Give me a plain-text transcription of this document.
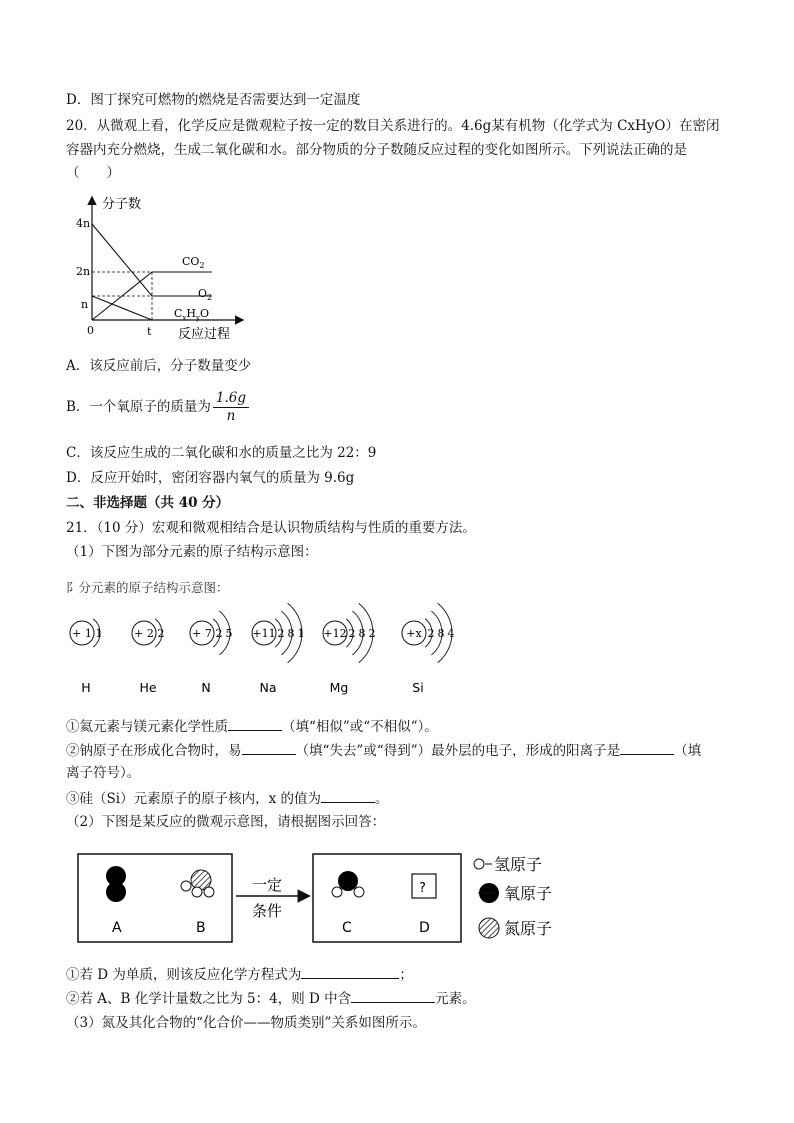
D．图丁探究可燃物的燃烧是否需要达到一定温度
20．从微观上看，化学反应是微观粒子按一定的数目关系进行的。4.6g某有机物（化学式为 CxHyO）在密闭
容器内充分燃烧，生成二氧化碳和水。部分物质的分子数随反应过程的变化如图所示。下列说法正确的是
（　　）
分子数
反应过程
4n
2n
n
0	t
$CO_2$
$O_2$
$C_xH_yO$
A．该反应前后，分子数量变少
B．一个氧原子的质量为 $\frac{1.6g}{n}$
C．该反应生成的二氧化碳和水的质量之比为 22：9
D．反应开始时，密闭容器内氧气的质量为 9.6g
二、非选择题（共 40 分）
21．（10 分）宏观和微观相结合是认识物质结构与性质的重要方法。
（1）下图为部分元素的原子结构示意图：
阝分元素的原子结构示意图：
+ 1 1
H
+ 2 2
He
+ 7 2 5
N
+11 2 8 1
Na
+12 2 8 2
Mg
+x 2 8 4
Si
①氦元素与镁元素化学性质	（填“相似”或“不相似”）。
②钠原子在形成化合物时，易	（填“失去”或“得到”）最外层的电子，形成的阳离子是	（填
离子符号）。
③硅（Si）元素原子的原子核内，x 的值为	。
（2）下图是某反应的微观示意图，请根据图示回答：
A	B
一定
条件
C
?
D
氢原子
氧原子
氮原子
①若 D 为单质，则该反应化学方程式为	；
②若 A、B 化学计量数之比为 5：4，则 D 中含	元素。
（3）氮及其化合物的“化合价——物质类别”关系如图所示。
